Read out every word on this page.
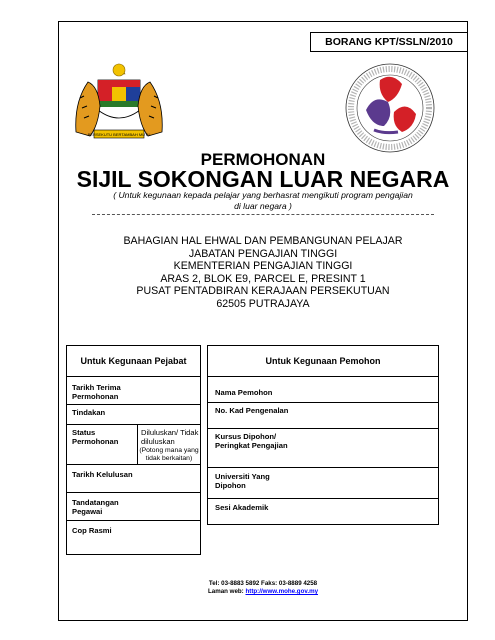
BORANG KPT/SSLN/2010
BERSEKUTU BERTAMBAH MUTU
PERMOHONAN
SIJIL SOKONGAN LUAR NEGARA
( Untuk kegunaan kepada pelajar yang berhasrat mengikuti program pengajian di luar negara )
BAHAGIAN HAL EHWAL DAN PEMBANGUNAN PELAJAR
JABATAN PENGAJIAN TINGGI
KEMENTERIAN PENGAJIAN TINGGI
ARAS 2, BLOK E9, PARCEL E, PRESINT 1
PUSAT PENTADBIRAN KERAJAAN PERSEKUTUAN
62505 PUTRAJAYA
Untuk Kegunaan Pejabat
Tarikh Terima Permohonan
Tindakan
Status Permohonan
Diluluskan/ Tidak diluluskan
(Potong mana yang tidak berkaitan)
Tarikh Kelulusan
Tandatangan Pegawai
Cop Rasmi
Untuk Kegunaan Pemohon
Nama Pemohon
No. Kad Pengenalan
Kursus Dipohon/ Peringkat Pengajian
Universiti Yang Dipohon
Sesi Akademik
Tel: 03-8883 5892 Faks: 03-8889 4258
Laman web: http://www.mohe.gov.my
